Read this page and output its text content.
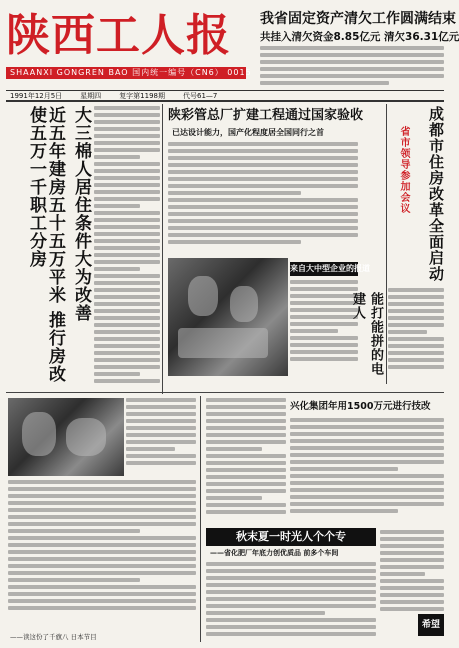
陕西工人报
SHAANXI GONGREN BAO 国内统一编号（CN6） 0015
我省固定资产清欠工作圆满结束
共挂入清欠资金8.85亿元 清欠36.31亿元
1991年12月5日	星期四	复字第1198期	代号61—7
近五年建房五十五万平米 推行房改使五万一千职工分房	大三棉人居住条件大为改善	陕彩管总厂扩建工程通过国家验收
已达设计能力，国产化程度居全国同行之首
来自大中型企业的报道
能打能拼的电建人
成都市住房改革全面启动
省市领导参加会议
——读这份了千旗八 日本节目
秋末夏一时光人个个专
——省化肥厂年底力创优质品 前多个车间
兴化集团年用1500万元进行技改
希望
